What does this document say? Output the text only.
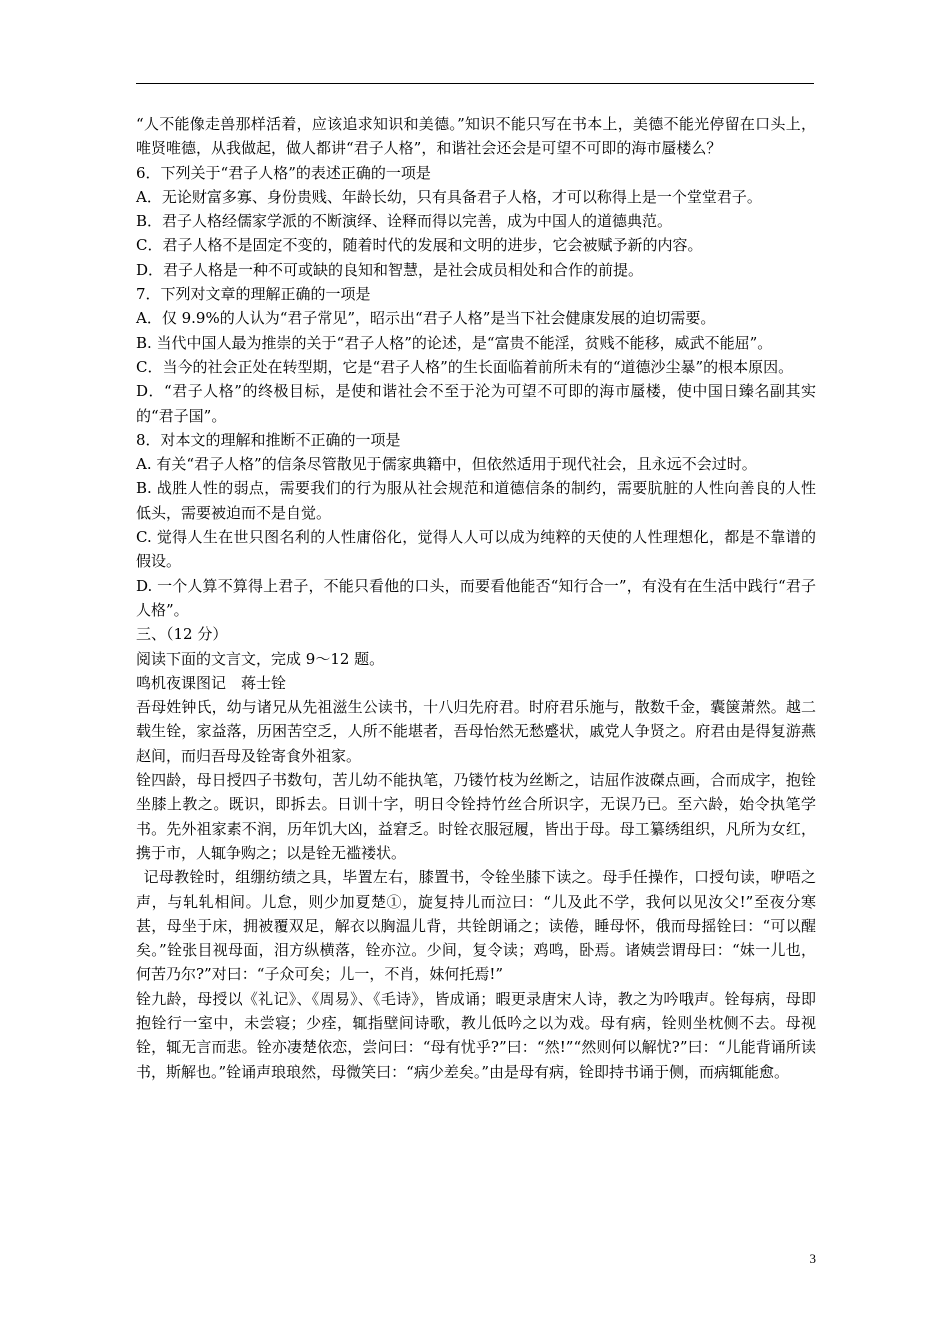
“人不能像走兽那样活着，应该追求知识和美德。”知识不能只写在书本上，美德不能光停留在口头上，唯贤唯德，从我做起，做人都讲“君子人格”，和谐社会还会是可望不可即的海市蜃楼么？

6．下列关于“君子人格”的表述正确的一项是

A．无论财富多寡、身份贵贱、年龄长幼，只有具备君子人格，才可以称得上是一个堂堂君子。

B．君子人格经儒家学派的不断演绎、诠释而得以完善，成为中国人的道德典范。

C．君子人格不是固定不变的，随着时代的发展和文明的进步，它会被赋予新的内容。

D．君子人格是一种不可或缺的良知和智慧，是社会成员相处和合作的前提。

7．下列对文章的理解正确的一项是

A．仅 9.9%的人认为“君子常见”，昭示出“君子人格”是当下社会健康发展的迫切需要。

B. 当代中国人最为推崇的关于“君子人格”的论述，是“富贵不能淫，贫贱不能移，威武不能屈”。

C．当今的社会正处在转型期，它是“君子人格”的生长面临着前所未有的“道德沙尘暴”的根本原因。

D．“君子人格”的终极目标，是使和谐社会不至于沦为可望不可即的海市蜃楼，使中国日臻名副其实的“君子国”。

8．对本文的理解和推断不正确的一项是

A. 有关“君子人格”的信条尽管散见于儒家典籍中，但依然适用于现代社会，且永远不会过时。

B. 战胜人性的弱点，需要我们的行为服从社会规范和道德信条的制约，需要肮脏的人性向善良的人性低头，需要被迫而不是自觉。

C. 觉得人生在世只图名利的人性庸俗化，觉得人人可以成为纯粹的天使的人性理想化，都是不靠谱的假设。

D. 一个人算不算得上君子，不能只看他的口头，而要看他能否“知行合一”，有没有在生活中践行“君子人格”。

三、（12 分）

阅读下面的文言文，完成 9～12 题。

鸣机夜课图记　蒋士铨

吾母姓钟氏，幼与诸兄从先祖滋生公读书，十八归先府君。时府君乐施与，散数千金，囊箧萧然。越二载生铨，家益落，历困苦空乏，人所不能堪者，吾母怡然无愁蹙状，戚党人争贤之。府君由是得复游燕赵间，而归吾母及铨寄食外祖家。

铨四龄，母日授四子书数句，苦儿幼不能执笔，乃镂竹枝为丝断之，诘屈作波磔点画，合而成字，抱铨坐膝上教之。既识，即拆去。日训十字，明日令铨持竹丝合所识字，无误乃已。至六龄，始令执笔学书。先外祖家素不润，历年饥大凶，益窘乏。时铨衣服冠履，皆出于母。母工纂绣组织，凡所为女红，携于市，人辄争购之；以是铨无褴褛状。

记母教铨时，组绷纺绩之具，毕置左右，膝置书，令铨坐膝下读之。母手任操作，口授句读，咿唔之声，与轧轧相间。儿怠，则少加夏楚①，旋复持儿而泣曰：“儿及此不学，我何以见汝父!”至夜分寒甚，母坐于床，拥被覆双足，解衣以胸温儿背，共铨朗诵之；读倦，睡母怀，俄而母摇铨曰：“可以醒矣。”铨张目视母面，泪方纵横落，铨亦泣。少间，复令读；鸡鸣，卧焉。诸姨尝谓母曰：“妹一儿也，何苦乃尔?”对曰：“子众可矣；儿一，不肖，妹何托焉!”

铨九龄，母授以《礼记》、《周易》、《毛诗》，皆成诵；暇更录唐宋人诗，教之为吟哦声。铨每病，母即抱铨行一室中，未尝寝；少痊，辄指壁间诗歌，教儿低吟之以为戏。母有病，铨则坐枕侧不去。母视铨，辄无言而悲。铨亦凄楚依恋，尝问曰：“母有忧乎?”曰：“然!”“然则何以解忧?”曰：“儿能背诵所读书，斯解也。”铨诵声琅琅然，母微笑曰：“病少差矣。”由是母有病，铨即持书诵于侧，而病辄能愈。

3
